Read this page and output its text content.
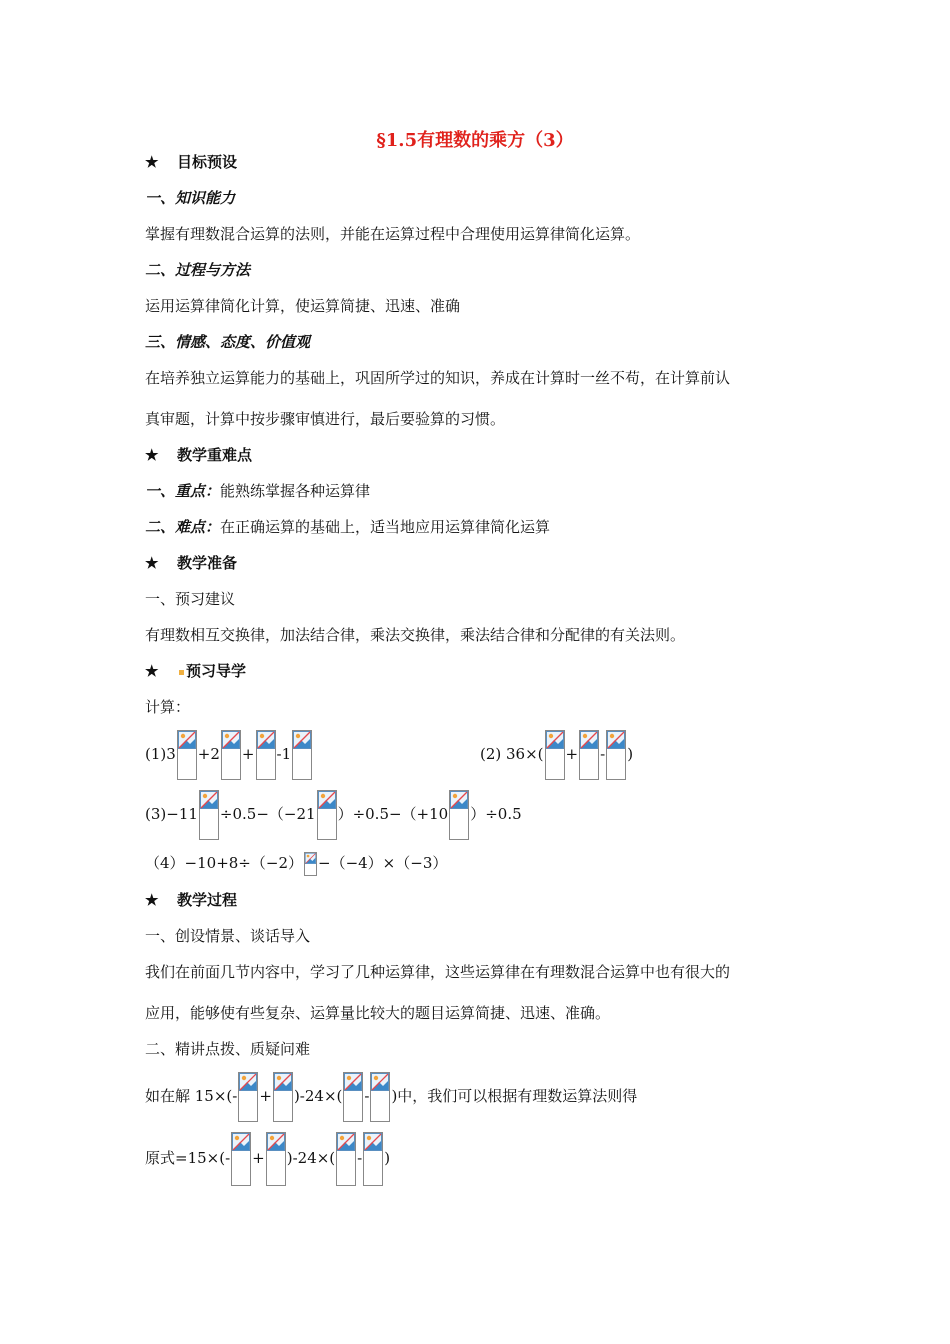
§1.5有理数的乘方（3）
★ 目标预设
一、知识能力
掌握有理数混合运算的法则，并能在运算过程中合理使用运算律简化运算。
二、过程与方法
运用运算律简化计算，使运算简捷、迅速、准确
三、情感、态度、价值观
在培养独立运算能力的基础上，巩固所学过的知识，养成在计算时一丝不苟，在计算前认
真审题，计算中按步骤审慎进行，最后要验算的习惯。
★ 教学重难点
一、重点：能熟练掌握各种运算律
二、难点：在正确运算的基础上，适当地应用运算律简化运算
★ 教学准备
一、预习建议
有理数相互交换律，加法结合律，乘法交换律，乘法结合律和分配律的有关法则。
★ 预习导学
计算：
(1)3 +2 + -1	(2) 36×( + - )
(3)−11 ÷0.5−（−21 ）÷0.5−（+10 ）÷0.5
（4）−10+8÷（−2） −（−4）×（−3）
★ 教学过程
一、创设情景、谈话导入
我们在前面几节内容中，学习了几种运算律，这些运算律在有理数混合运算中也有很大的
应用，能够使有些复杂、运算量比较大的题目运算简捷、迅速、准确。
二、精讲点拨、质疑问难
如在解 15×(- + )-24×( - )中，我们可以根据有理数运算法则得
原式=15×(- + )-24×( - )
